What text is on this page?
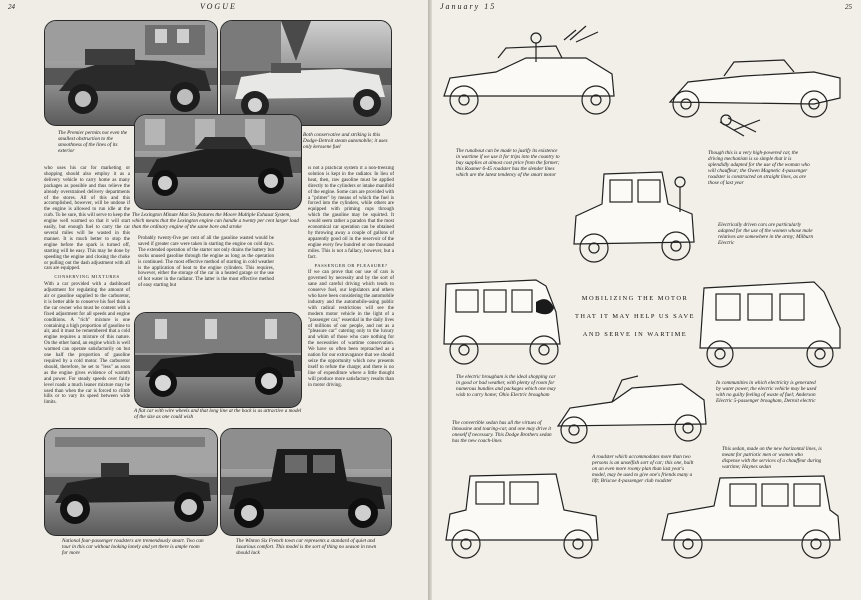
24	VOGUE
The Premier permits not even the smallest obstruction to the smoothness of the lines of its exterior
Both conservative and striking is this Dodge-Detroit steam automobile; it uses only kerosene fuel
The Lexington Minute Man Six features the Moore Multiple Exhaust System, which means that the Lexington engine can handle a twenty per cent larger load than the ordinary engine of the same bore and stroke
who uses his car for marketing or shopping should also employ it as a delivery vehicle to carry home as many packages as possible and thus relieve the already overstrained delivery departments of the stores. All of this and this accomplished, however, will be undone if the engine is allowed to run idle at the curb. To be sure, this will serve to keep the engine well warmed so that it will start easily, but enough fuel to carry the car several miles will be wasted in this manner. It is much better to stop the engine before the spark is turned off, starting will be easy. This may be done by speeding the engine and closing the choke or pulling out the dash adjustment with all cars are equipped.
CONSERVING MIXTURES
With a car provided with a dashboard adjustment for regulating the amount of air or gasoline supplied to the carburetor, it is better able to conserve his fuel than is the car owner who must be content with a fixed adjustment for all speeds and engine conditions. A "rich" mixture is one containing a high proportion of gasoline to air, and it must be remembered that a cold engine requires a mixture of this nature. On the other hand, an engine which is well warmed can operate satisfactorily on but one half the proportion of gasoline required by a cold motor. The carburetor should, therefore, be set to "less" as soon as the engine gives evidence of warmth and power. For steady speeds over fairly level roads a much leaner mixture may be used than when the car is forced to climb hills or to vary its speed between wide limits.
Probably twenty-five per cent of all the gasoline wasted would be saved if greater care were taken in starting the engine on cold days. The extended operation of the starter not only drains the battery but sucks unused gasoline through the engine as long as the operation is continued. The most effective method of starting in cold weather is the application of heat to the engine cylinders. This requires, however, either the storage of the car in a heated garage or the use of hot water in the radiator. The latter is the most effective method of easy starting but
is not a practical system if a non-freezing solution is kept in the radiator. In lieu of heat, then, raw gasoline must be applied directly to the cylinders or intake manifold of the engine. Some cars are provided with a "primer" by means of which the fuel is forced into the cylinders, while others are equipped with priming cups through which the gasoline may be squirted. It would seem rather a paradox that the most economical car operation can be obtained by throwing away a couple of gallons of apparently good oil in the reservoir of the engine every few hundred or one thousand miles. This is not a fallacy, however, but a fact.
PASSENGER OR PLEASURE?
If we can prove that our use of cars is governed by necessity and by the sort of sane and careful driving which tends to conserve fuel, our legislators and others who have been considering the automobile industry and the automobile-using public with radical restrictions will see the modern motor vehicle in the light of a "passenger car," essential in the daily lives of millions of our people, and not as a "pleasure car" catering only to the luxury and whim of those who care nothing for the necessities of wartime conservation. We have so often been reproached as a nation for our extravagance that we should seize the opportunity which now presents itself to refute the charge; and there is no line of expenditure where a little thought will produce more satisfactory results than in motor driving.
A flat car with wire wheels and that long line at the back is as attractive a model of the size as one could wish
National four-passenger roadsters are tremendously smart. Two can tour in this car without looking lonely and yet there is ample room for more
The Winton Six French town car represents a standard of quiet and luxurious comfort. This model is the sort of thing no season in town should lack
January 15	25
The runabout can be made to justify its existence in wartime if we use it for trips into the country to buy supplies at almost cost price from the farmer; this Roamer 6-45 roadster has the slender lines which are the latest tendency of the smart motor
Though this is a very high-powered car, the driving mechanism is so simple that it is splendidly adapted for the use of the woman who will chauffeur; the Owen Magnetic 4-passenger roadster is constructed on straight lines, as are those of last year
Electrically driven cars are particularly adapted for the use of the women whose male relatives are somewhere in the army; Milburn Electric
MOBILIZING THE MOTOR
THAT IT MAY HELP US SAVE
AND SERVE IN WARTIME
The electric brougham is the ideal shopping car in good or bad weather, with plenty of room for numerous bundles and packages which one may wish to carry home; Ohio Electric brougham
In communities in which electricity is generated by water power, the electric vehicle may be used with no guilty feeling of waste of fuel; Anderson Electric 5-passenger brougham, Detroit electric
The convertible sedan has all the virtues of limousine and touring-car, and one may drive it oneself if necessary. This Dodge Brothers sedan has the new coach-lines
A roadster which accommodates more than two persons is an unselfish sort of car; this one, built on an even more roomy plan than last year's model, may be used to give one's friends many a lift; Briscoe 4-passenger club roadster
This sedan, made on the new horizontal lines, is meant for patriotic men or women who dispense with the services of a chauffeur during wartime; Haynes sedan
